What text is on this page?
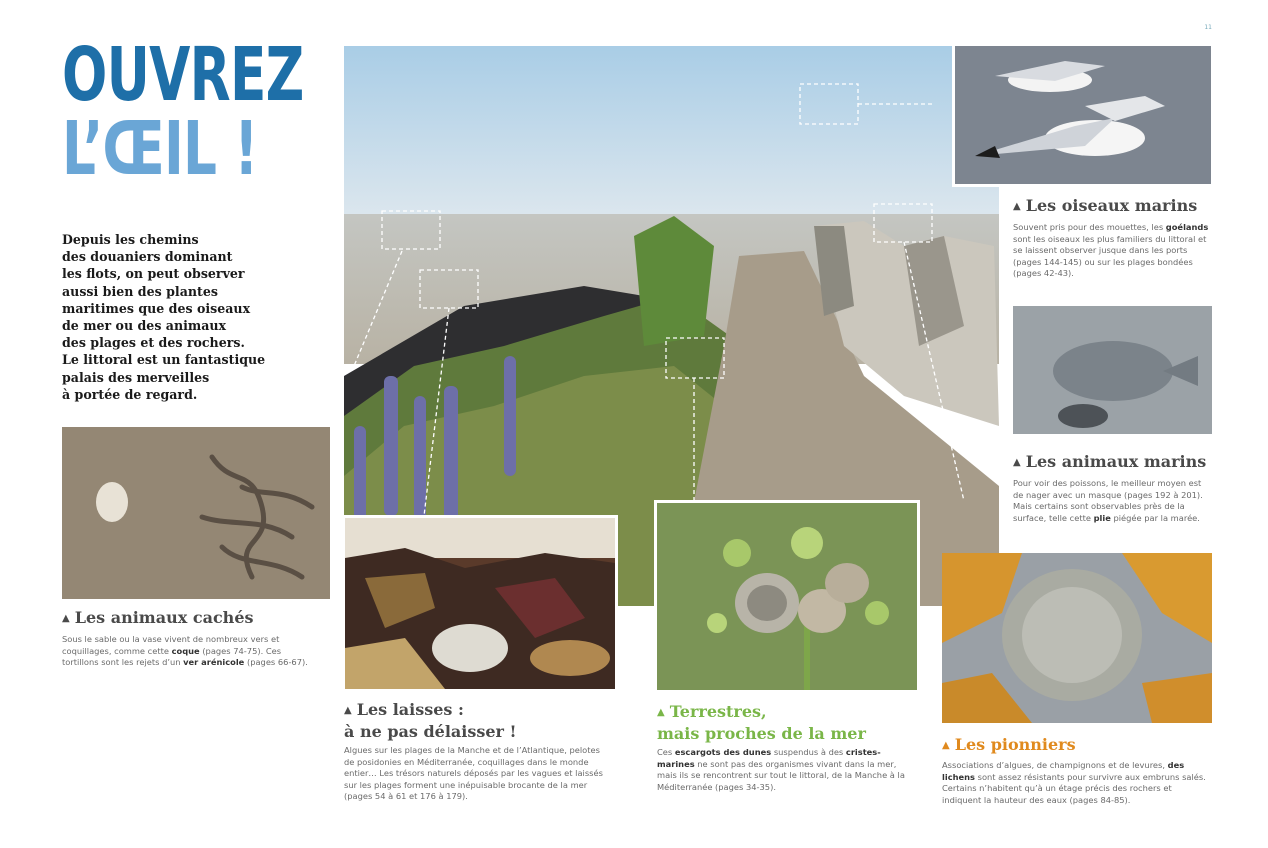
11
OUVREZ
L’ŒIL !
Depuis les chemins
des douaniers dominant
les flots, on peut observer
aussi bien des plantes
maritimes que des oiseaux
de mer ou des animaux
des plages et des rochers.
Le littoral est un fantastique
palais des merveilles
à portée de regard.
▲ Les animaux cachés
Sous le sable ou la vase vivent de nombreux vers et coquillages, comme cette coque (pages 74-75). Ces tortillons sont les rejets d’un ver arénicole (pages 66-67).
▲ Les laisses :
à ne pas délaisser !
Algues sur les plages de la Manche et de l’Atlantique, pelotes de posidonies en Méditerranée, coquillages dans le monde entier… Les trésors naturels déposés par les vagues et laissés sur les plages forment une inépuisable brocante de la mer (pages 54 à 61 et 176 à 179).
▲ Terrestres,
mais proches de la mer
Ces escargots des dunes suspendus à des cristes-marines ne sont pas des organismes vivant dans la mer, mais ils se rencontrent sur tout le littoral, de la Manche à la Méditerranée (pages 34-35).
▲ Les oiseaux marins
Souvent pris pour des mouettes, les goélands sont les oiseaux les plus familiers du littoral et se laissent observer jusque dans les ports (pages 144-145) ou sur les plages bondées (pages 42-43).
▲ Les animaux marins
Pour voir des poissons, le meilleur moyen est de nager avec un masque (pages 192 à 201). Mais certains sont observables près de la surface, telle cette plie piégée par la marée.
▲ Les pionniers
Associations d’algues, de champignons et de levures, des lichens sont assez résistants pour survivre aux embruns salés. Certains n’habitent qu’à un étage précis des rochers et indiquent la hauteur des eaux (pages 84-85).
